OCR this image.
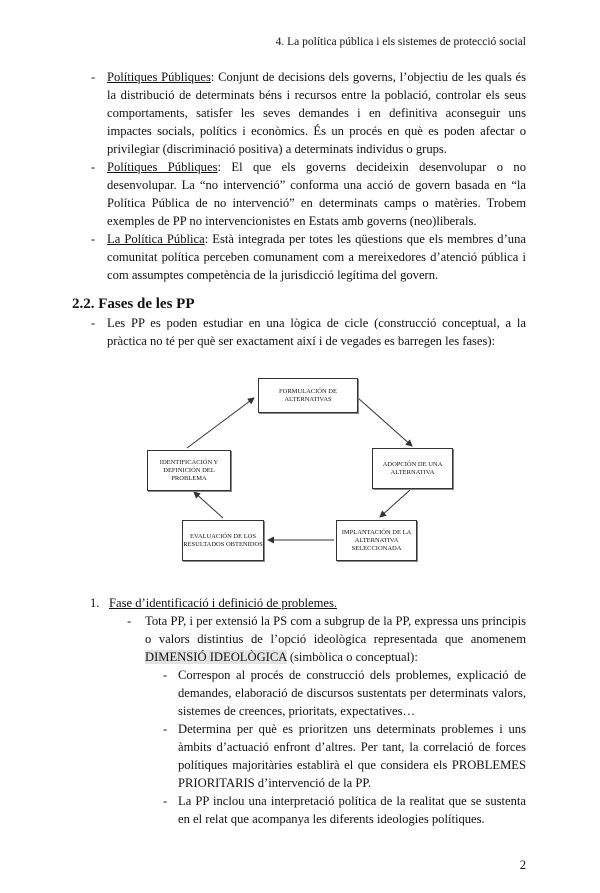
4. La política pública i els sistemes de protecció social
- Polítiques Públiques: Conjunt de decisions dels governs, l’objectiu de les quals és la distribució de determinats béns i recursos entre la població, controlar els seus comportaments, satisfer les seves demandes i en definitiva aconseguir uns impactes socials, polítics i econòmics. És un procés en què es poden afectar o privilegiar (discriminació positiva) a determinats individus o grups.
- Polítiques Públiques: El que els governs decideixin desenvolupar o no desenvolupar. La “no intervenció” conforma una acció de govern basada en “la Política Pública de no intervenció” en determinats camps o matèries. Trobem exemples de PP no intervencionistes en Estats amb governs (neo)liberals.
- La Política Pública: Està integrada per totes les qüestions que els membres d’una comunitat política perceben comunament com a mereixedores d’atenció pública i com assumptes competència de la jurisdicció legítima del govern.
2.2. Fases de les PP
- Les PP es poden estudiar en una lògica de cicle (construcció conceptual, a la pràctica no té per què ser exactament així i de vegades es barregen les fases):
FORMULACIÓN DE ALTERNATIVAS
ADOPCIÓN DE UNA ALTERNATIVA
IMPLANTACIÓN DE LA ALTERNATIVA SELECCIONADA
EVALUACIÓN DE LOS RESULTADOS OBTENIDOS
IDENTIFICACIÓN Y DEFINICIÓN DEL PROBLEMA
1. Fase d’identificació i definició de problemes.
-	Tota PP, i per extensió la PS com a subgrup de la PP, expressa uns principis o valors distintius de l’opció ideològica representada que anomenem DIMENSIÓ IDEOLÒGICA (simbòlica o conceptual):
- Correspon al procés de construcció dels problemes, explicació de demandes, elaboració de discursos sustentats per determinats valors, sistemes de creences, prioritats, expectatives…
- Determina per què es prioritzen uns determinats problemes i uns àmbits d’actuació enfront d’altres. Per tant, la correlació de forces polítiques majoritàries establirà el que considera els PROBLEMES PRIORITARIS d’intervenció de la PP.
- La PP inclou una interpretació política de la realitat que se sustenta en el relat que acompanya les diferents ideologies polítiques.
2
